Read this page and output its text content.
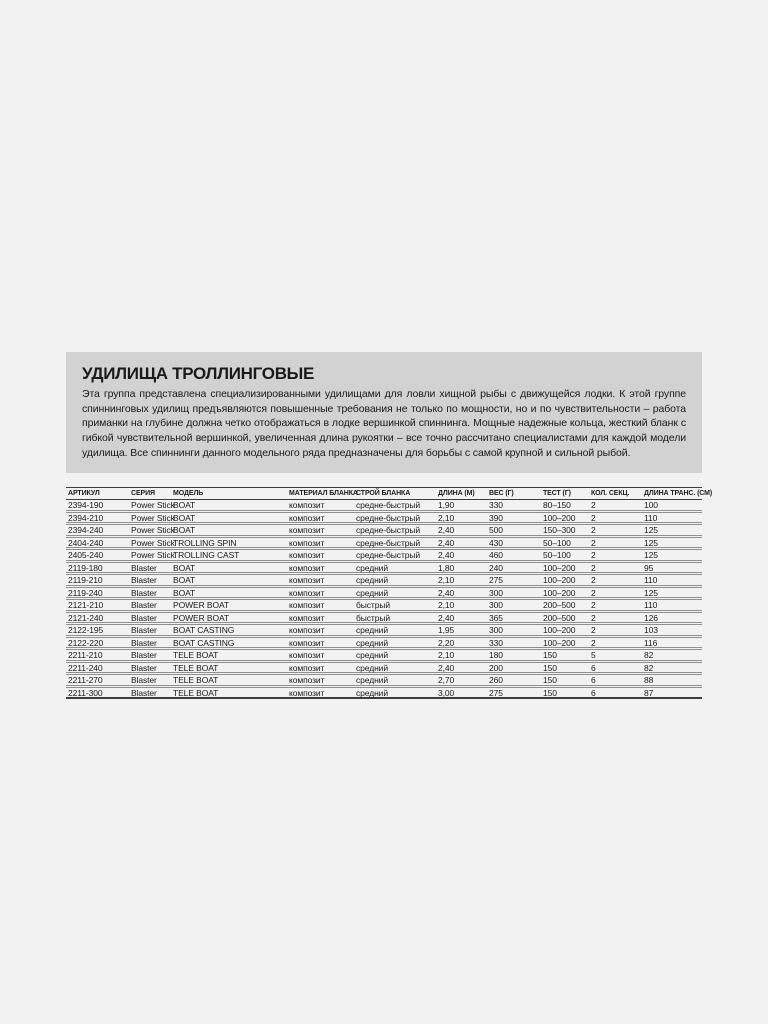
УДИЛИЩА ТРОЛЛИНГОВЫЕ

Эта группа представлена специализированными удилищами для ловли хищной рыбы с движущейся лодки. К этой группе спиннинговых удилищ предъявляются повышенные требования не только по мощности, но и по чувствительности – работа приманки на глубине должна четко отображаться в лодке вершинкой спиннинга. Мощные надежные кольца, жесткий бланк с гибкой чувствительной вершинкой, увеличенная длина рукоятки – все точно рассчитано специалистами для каждой модели удилища. Все спиннинги данного модельного ряда предназначены для борьбы с самой крупной и сильной рыбой.

АРТИКУЛ	СЕРИЯ	МОДЕЛЬ	МАТЕРИАЛ БЛАНКА	СТРОЙ БЛАНКА	ДЛИНА (М)	ВЕС (Г)	ТЕСТ (Г)	КОЛ. СЕКЦ.	ДЛИНА ТРАНС. (СМ)
2394-190	Power Stick	BOAT	композит	средне-быстрый	1,90	330	80–150	2	100
2394-210	Power Stick	BOAT	композит	средне-быстрый	2,10	390	100–200	2	110
2394-240	Power Stick	BOAT	композит	средне-быстрый	2,40	500	150–300	2	125
2404-240	Power Stick	TROLLING SPIN	композит	средне-быстрый	2,40	430	50–100	2	125
2405-240	Power Stick	TROLLING CAST	композит	средне-быстрый	2,40	460	50–100	2	125
2119-180	Blaster	BOAT	композит	средний	1,80	240	100–200	2	95
2119-210	Blaster	BOAT	композит	средний	2,10	275	100–200	2	110
2119-240	Blaster	BOAT	композит	средний	2,40	300	100–200	2	125
2121-210	Blaster	POWER BOAT	композит	быстрый	2,10	300	200–500	2	110
2121-240	Blaster	POWER BOAT	композит	быстрый	2,40	365	200–500	2	126
2122-195	Blaster	BOAT CASTING	композит	средний	1,95	300	100–200	2	103
2122-220	Blaster	BOAT CASTING	композит	средний	2,20	330	100–200	2	116
2211-210	Blaster	TELE BOAT	композит	средний	2,10	180	150	5	82
2211-240	Blaster	TELE BOAT	композит	средний	2,40	200	150	6	82
2211-270	Blaster	TELE BOAT	композит	средний	2,70	260	150	6	88
2211-300	Blaster	TELE BOAT	композит	средний	3,00	275	150	6	87
